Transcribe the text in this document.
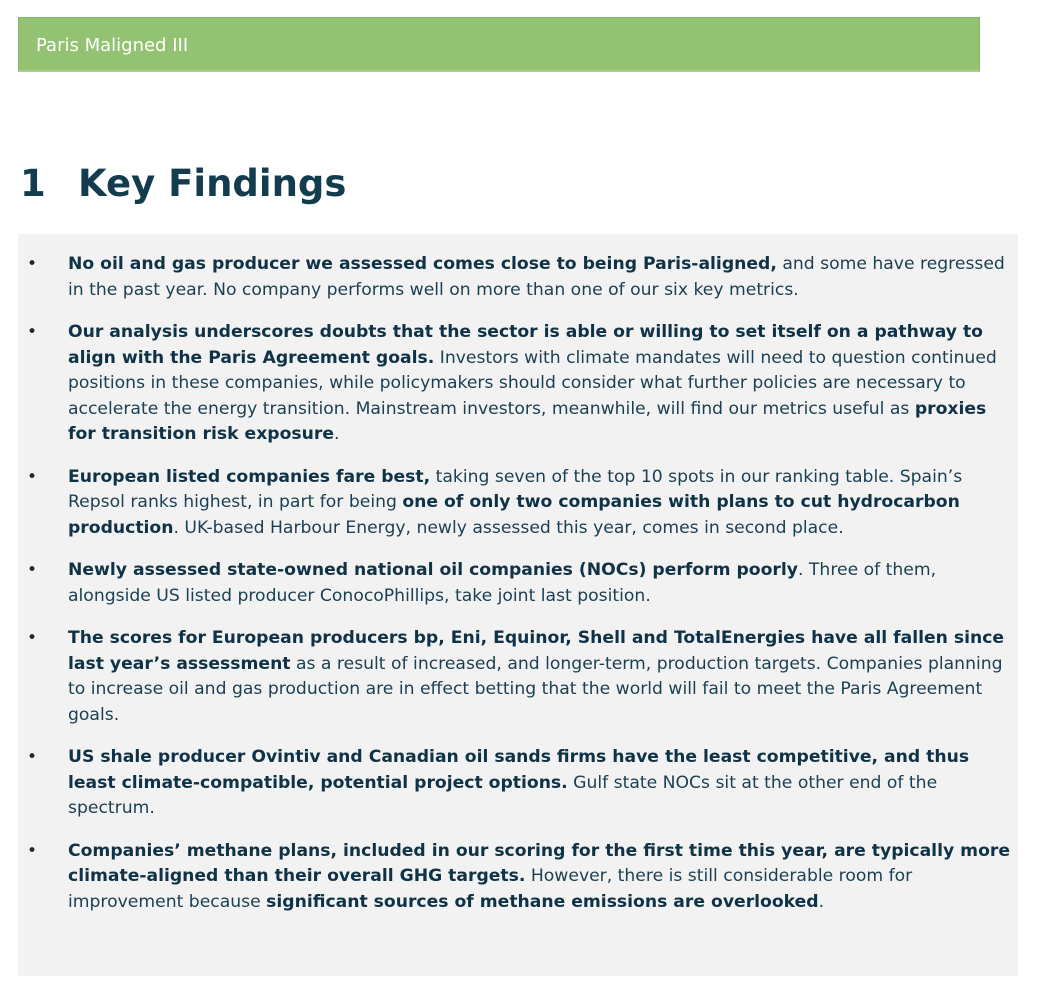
Paris Maligned III
1 Key Findings
• No oil and gas producer we assessed comes close to being Paris-aligned, and some have regressed in the past year. No company performs well on more than one of our six key metrics.
• Our analysis underscores doubts that the sector is able or willing to set itself on a pathway to align with the Paris Agreement goals. Investors with climate mandates will need to question continued positions in these companies, while policymakers should consider what further policies are necessary to accelerate the energy transition. Mainstream investors, meanwhile, will find our metrics useful as proxies for transition risk exposure.
• European listed companies fare best, taking seven of the top 10 spots in our ranking table. Spain’s Repsol ranks highest, in part for being one of only two companies with plans to cut hydrocarbon production. UK-based Harbour Energy, newly assessed this year, comes in second place.
• Newly assessed state-owned national oil companies (NOCs) perform poorly. Three of them, alongside US listed producer ConocoPhillips, take joint last position.
• The scores for European producers bp, Eni, Equinor, Shell and TotalEnergies have all fallen since last year’s assessment as a result of increased, and longer-term, production targets. Companies planning to increase oil and gas production are in effect betting that the world will fail to meet the Paris Agreement goals.
• US shale producer Ovintiv and Canadian oil sands firms have the least competitive, and thus least climate-compatible, potential project options. Gulf state NOCs sit at the other end of the spectrum.
• Companies’ methane plans, included in our scoring for the first time this year, are typically more climate-aligned than their overall GHG targets. However, there is still considerable room for improvement because significant sources of methane emissions are overlooked.
